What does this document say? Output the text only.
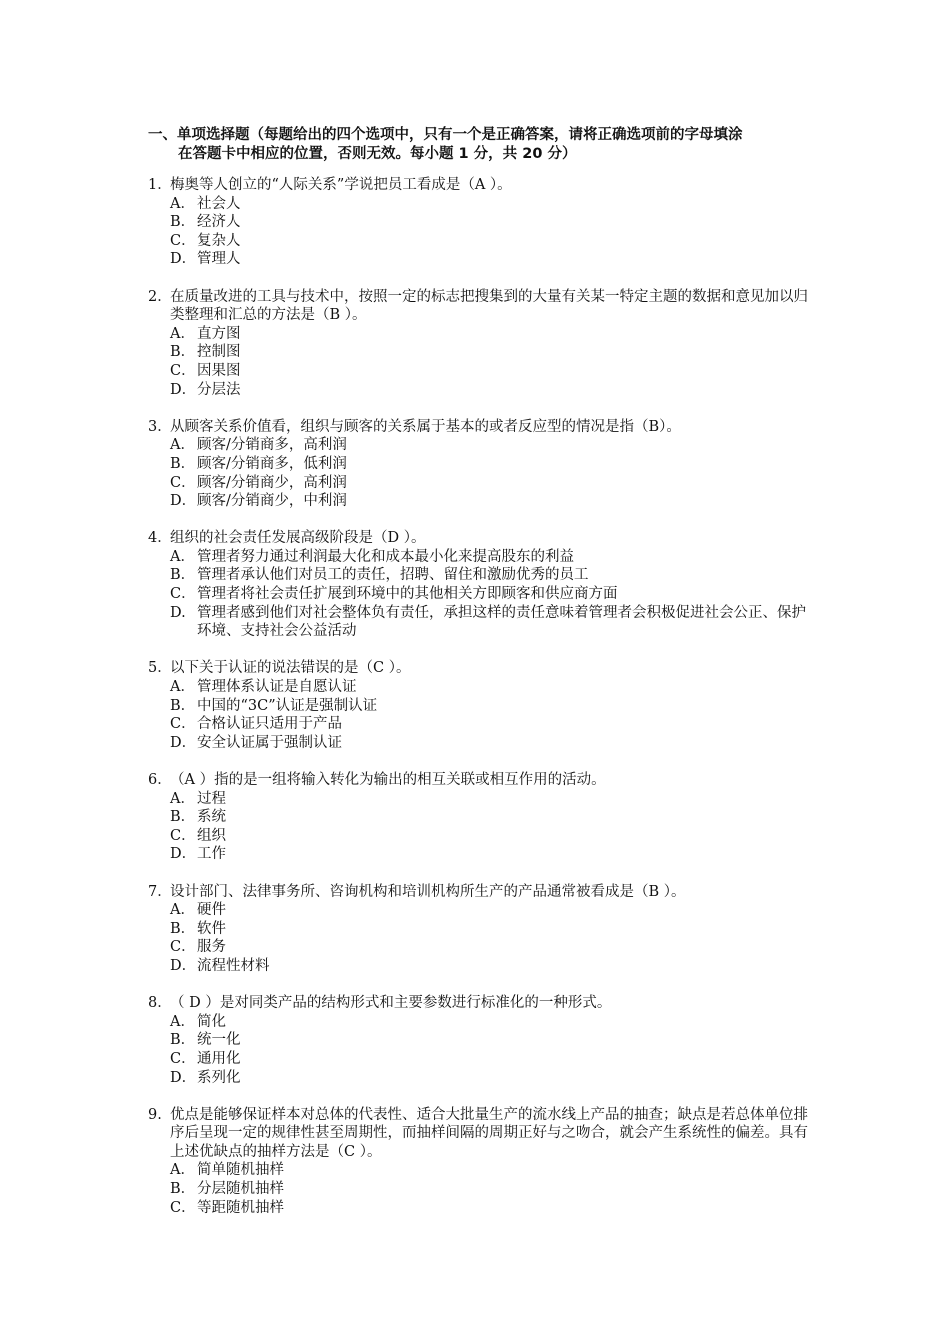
一、单项选择题（每题给出的四个选项中，只有一个是正确答案，请将正确选项前的字母填涂
在答题卡中相应的位置，否则无效。每小题 1 分，共 20 分）
1．
梅奥等人创立的“人际关系”学说把员工看成是（A ）。
A． 社会人
B． 经济人
C． 复杂人
D． 管理人
2．
在质量改进的工具与技术中，按照一定的标志把搜集到的大量有关某一特定主题的数据和意见加以归类整理和汇总的方法是（B ）。
A． 直方图
B． 控制图
C． 因果图
D． 分层法
3．
从顾客关系价值看，组织与顾客的关系属于基本的或者反应型的情况是指（B）。
A． 顾客/分销商多，高利润
B． 顾客/分销商多，低利润
C． 顾客/分销商少，高利润
D． 顾客/分销商少，中利润
4．
组织的社会责任发展高级阶段是（D ）。
A． 管理者努力通过利润最大化和成本最小化来提高股东的利益
B． 管理者承认他们对员工的责任，招聘、留住和激励优秀的员工
C． 管理者将社会责任扩展到环境中的其他相关方即顾客和供应商方面
D. 管理者感到他们对社会整体负有责任，承担这样的责任意味着管理者会积极促进社会公正、保护环境、支持社会公益活动
5．
以下关于认证的说法错误的是（C ）。
A． 管理体系认证是自愿认证
B． 中国的“3C”认证是强制认证
C． 合格认证只适用于产品
D． 安全认证属于强制认证
6．
（A ）指的是一组将输入转化为输出的相互关联或相互作用的活动。
A． 过程
B． 系统
C． 组织
D． 工作
7．
设计部门、法律事务所、咨询机构和培训机构所生产的产品通常被看成是（B ）。
A． 硬件
B． 软件
C． 服务
D． 流程性材料
8．
（ D ）是对同类产品的结构形式和主要参数进行标准化的一种形式。
A． 简化
B． 统一化
C． 通用化
D． 系列化
9. 优点是能够保证样本对总体的代表性、适合大批量生产的流水线上产品的抽查；缺点是若总体单位排序后呈现一定的规律性甚至周期性，而抽样间隔的周期正好与之吻合，就会产生系统性的偏差。具有上述优缺点的抽样方法是（C ）。
A． 简单随机抽样
B． 分层随机抽样
C． 等距随机抽样
